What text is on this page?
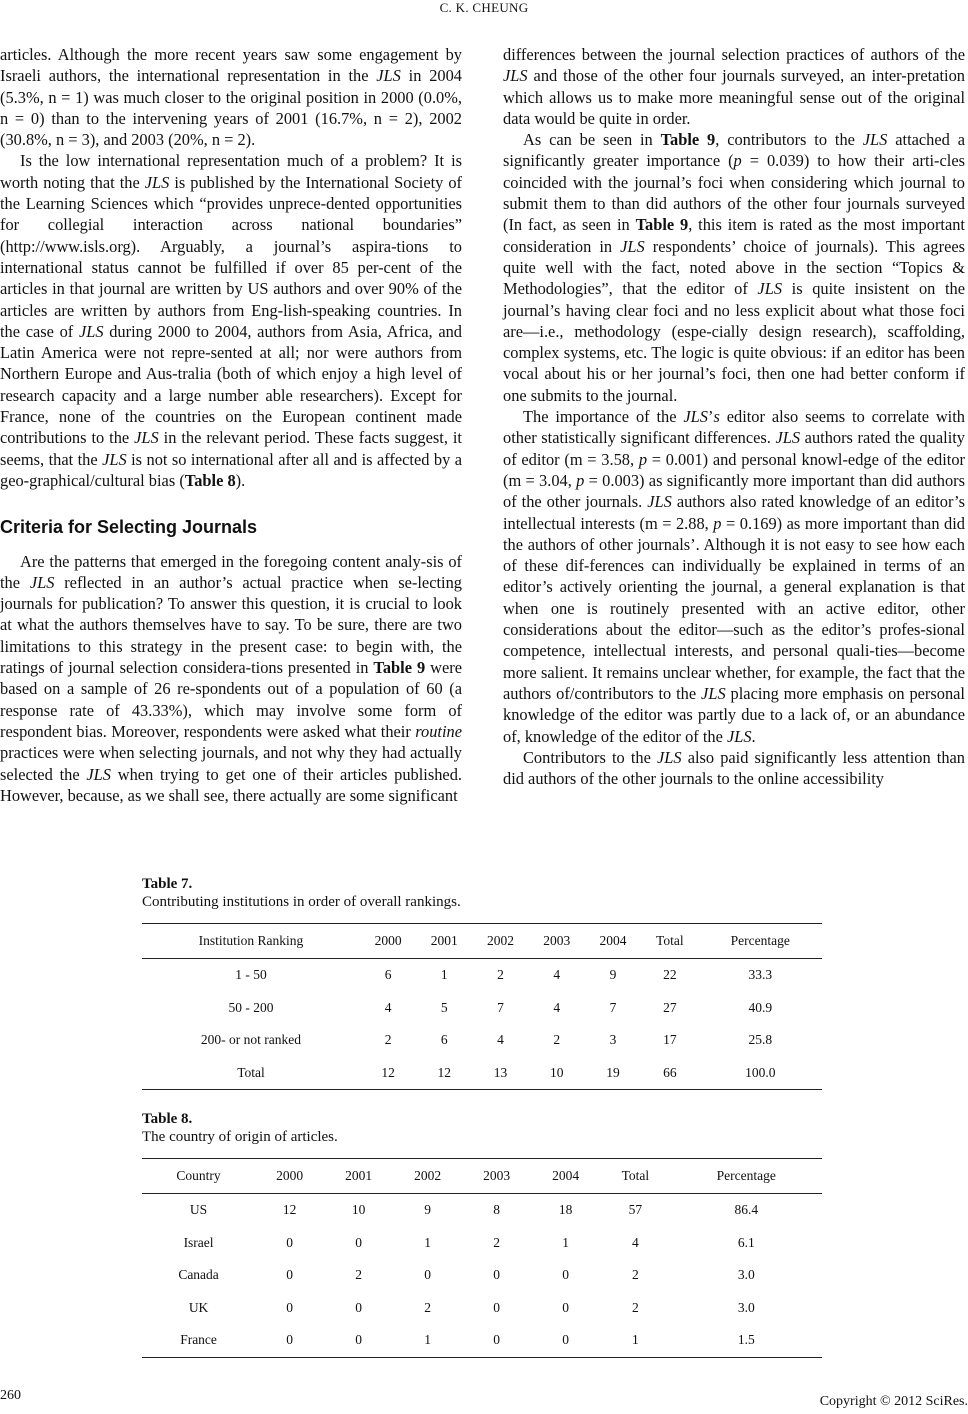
C. K. CHEUNG

articles. Although the more recent years saw some engagement by Israeli authors, the international representation in the JLS in 2004 (5.3%, n = 1) was much closer to the original position in 2000 (0.0%, n = 0) than to the intervening years of 2001 (16.7%, n = 2), 2002 (30.8%, n = 3), and 2003 (20%, n = 2).

Is the low international representation much of a problem? It is worth noting that the JLS is published by the International Society of the Learning Sciences which “provides unprece-dented opportunities for collegial interaction across national boundaries” (http://www.isls.org). Arguably, a journal’s aspira-tions to international status cannot be fulfilled if over 85 per-cent of the articles in that journal are written by US authors and over 90% of the articles are written by authors from Eng-lish-speaking countries. In the case of JLS during 2000 to 2004, authors from Asia, Africa, and Latin America were not repre-sented at all; nor were authors from Northern Europe and Aus-tralia (both of which enjoy a high level of research capacity and a large number able researchers). Except for France, none of the countries on the European continent made contributions to the JLS in the relevant period. These facts suggest, it seems, that the JLS is not so international after all and is affected by a geo-graphical/cultural bias (Table 8).

Criteria for Selecting Journals

Are the patterns that emerged in the foregoing content analy-sis of the JLS reflected in an author’s actual practice when se-lecting journals for publication? To answer this question, it is crucial to look at what the authors themselves have to say. To be sure, there are two limitations to this strategy in the present case: to begin with, the ratings of journal selection considera-tions presented in Table 9 were based on a sample of 26 re-spondents out of a population of 60 (a response rate of 43.33%), which may involve some form of respondent bias. Moreover, respondents were asked what their routine practices were when selecting journals, and not why they had actually selected the JLS when trying to get one of their articles published. However, because, as we shall see, there actually are some significant

differences between the journal selection practices of authors of the JLS and those of the other four journals surveyed, an inter-pretation which allows us to make more meaningful sense out of the original data would be quite in order.

As can be seen in Table 9, contributors to the JLS attached a significantly greater importance (p = 0.039) to how their arti-cles coincided with the journal’s foci when considering which journal to submit them to than did authors of the other four journals surveyed (In fact, as seen in Table 9, this item is rated as the most important consideration in JLS respondents’ choice of journals). This agrees quite well with the fact, noted above in the section “Topics & Methodologies”, that the editor of JLS is quite insistent on the journal’s having clear foci and no less explicit about what those foci are—i.e., methodology (espe-cially design research), scaffolding, complex systems, etc. The logic is quite obvious: if an editor has been vocal about his or her journal’s foci, then one had better conform if one submits to the journal.

The importance of the JLS’s editor also seems to correlate with other statistically significant differences. JLS authors rated the quality of editor (m = 3.58, p = 0.001) and personal knowl-edge of the editor (m = 3.04, p = 0.003) as significantly more important than did authors of the other journals. JLS authors also rated knowledge of an editor’s intellectual interests (m = 2.88, p = 0.169) as more important than did the authors of other journals’. Although it is not easy to see how each of these dif-ferences can individually be explained in terms of an editor’s actively orienting the journal, a general explanation is that when one is routinely presented with an active editor, other considerations about the editor—such as the editor’s profes-sional competence, intellectual interests, and personal quali-ties—become more salient. It remains unclear whether, for example, the fact that the authors of/contributors to the JLS placing more emphasis on personal knowledge of the editor was partly due to a lack of, or an abundance of, knowledge of the editor of the JLS.

Contributors to the JLS also paid significantly less attention than did authors of the other journals to the online accessibility

Table 7.
Contributing institutions in order of overall rankings.
Institution Ranking	2000	2001	2002	2003	2004	Total	Percentage
1 - 50	6	1	2	4	9	22	33.3
50 - 200	4	5	7	4	7	27	40.9
200- or not ranked	2	6	4	2	3	17	25.8
Total	12	12	13	10	19	66	100.0
Table 8.
The country of origin of articles.
Country	2000	2001	2002	2003	2004	Total	Percentage
US	12	10	9	8	18	57	86.4
Israel	0	0	1	2	1	4	6.1
Canada	0	2	0	0	0	2	3.0
UK	0	0	2	0	0	2	3.0
France	0	0	1	0	0	1	1.5
260	Copyright © 2012 SciRes.
